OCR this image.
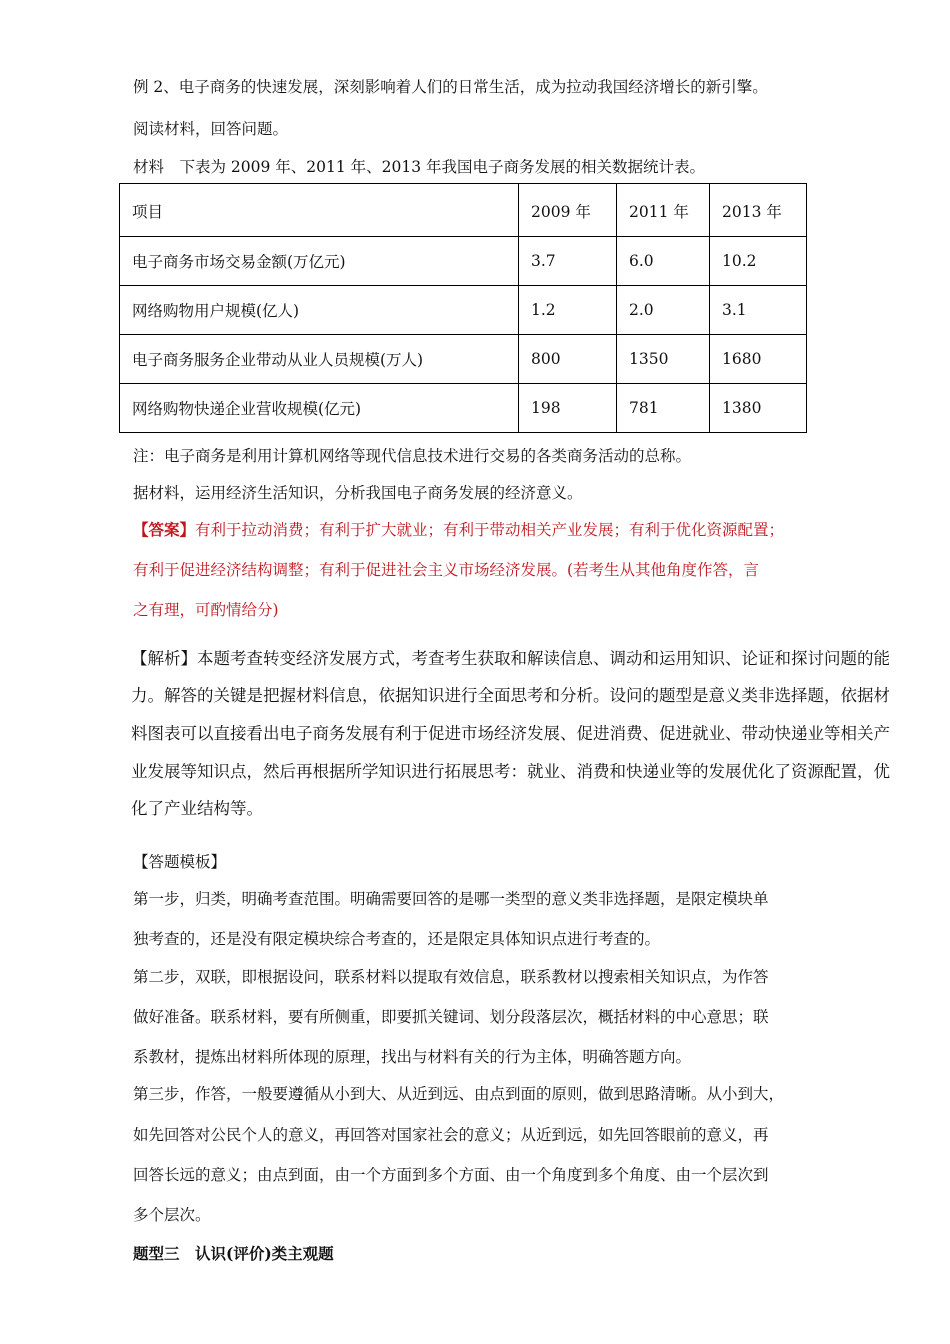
例 2、电子商务的快速发展，深刻影响着人们的日常生活，成为拉动我国经济增长的新引擎。
阅读材料，回答问题。
材料　下表为 2009 年、2011 年、2013 年我国电子商务发展的相关数据统计表。
项目	2009 年	2011 年	2013 年
电子商务市场交易金额(万亿元)	3.7	6.0	10.2
网络购物用户规模(亿人)	1.2	2.0	3.1
电子商务服务企业带动从业人员规模(万人)	800	1350	1680
网络购物快递企业营收规模(亿元)	198	781	1380
注：电子商务是利用计算机网络等现代信息技术进行交易的各类商务活动的总称。
据材料，运用经济生活知识，分析我国电子商务发展的经济意义。
【答案】有利于拉动消费；有利于扩大就业；有利于带动相关产业发展；有利于优化资源配置；
有利于促进经济结构调整；有利于促进社会主义市场经济发展。(若考生从其他角度作答，言
之有理，可酌情给分)
【解析】本题考查转变经济发展方式，考查考生获取和解读信息、调动和运用知识、论证和探讨问题的能
力。解答的关键是把握材料信息，依据知识进行全面思考和分析。设问的题型是意义类非选择题，依据材
料图表可以直接看出电子商务发展有利于促进市场经济发展、促进消费、促进就业、带动快递业等相关产
业发展等知识点，然后再根据所学知识进行拓展思考：就业、消费和快递业等的发展优化了资源配置，优
化了产业结构等。
【答题模板】
第一步，归类，明确考查范围。明确需要回答的是哪一类型的意义类非选择题，是限定模块单
独考查的，还是没有限定模块综合考查的，还是限定具体知识点进行考查的。
第二步，双联，即根据设问，联系材料以提取有效信息，联系教材以搜索相关知识点，为作答
做好准备。联系材料，要有所侧重，即要抓关键词、划分段落层次，概括材料的中心意思；联
系教材，提炼出材料所体现的原理，找出与材料有关的行为主体，明确答题方向。
第三步，作答，一般要遵循从小到大、从近到远、由点到面的原则，做到思路清晰。从小到大，
如先回答对公民个人的意义，再回答对国家社会的意义；从近到远，如先回答眼前的意义，再
回答长远的意义；由点到面，由一个方面到多个方面、由一个角度到多个角度、由一个层次到
多个层次。
题型三　认识(评价)类主观题
